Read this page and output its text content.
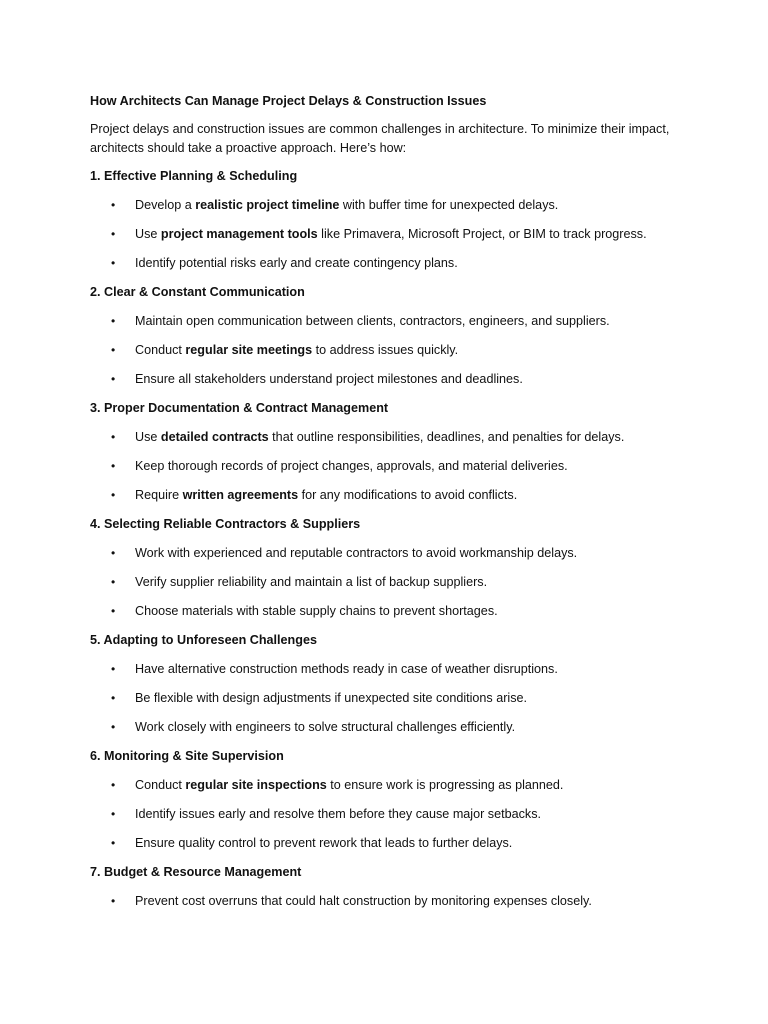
How Architects Can Manage Project Delays & Construction Issues
Project delays and construction issues are common challenges in architecture. To minimize their impact, architects should take a proactive approach. Here’s how:
1. Effective Planning & Scheduling
• Develop a realistic project timeline with buffer time for unexpected delays.
• Use project management tools like Primavera, Microsoft Project, or BIM to track progress.
• Identify potential risks early and create contingency plans.
2. Clear & Constant Communication
• Maintain open communication between clients, contractors, engineers, and suppliers.
• Conduct regular site meetings to address issues quickly.
• Ensure all stakeholders understand project milestones and deadlines.
3. Proper Documentation & Contract Management
• Use detailed contracts that outline responsibilities, deadlines, and penalties for delays.
• Keep thorough records of project changes, approvals, and material deliveries.
• Require written agreements for any modifications to avoid conflicts.
4. Selecting Reliable Contractors & Suppliers
• Work with experienced and reputable contractors to avoid workmanship delays.
• Verify supplier reliability and maintain a list of backup suppliers.
• Choose materials with stable supply chains to prevent shortages.
5. Adapting to Unforeseen Challenges
• Have alternative construction methods ready in case of weather disruptions.
• Be flexible with design adjustments if unexpected site conditions arise.
• Work closely with engineers to solve structural challenges efficiently.
6. Monitoring & Site Supervision
• Conduct regular site inspections to ensure work is progressing as planned.
• Identify issues early and resolve them before they cause major setbacks.
• Ensure quality control to prevent rework that leads to further delays.
7. Budget & Resource Management
• Prevent cost overruns that could halt construction by monitoring expenses closely.
